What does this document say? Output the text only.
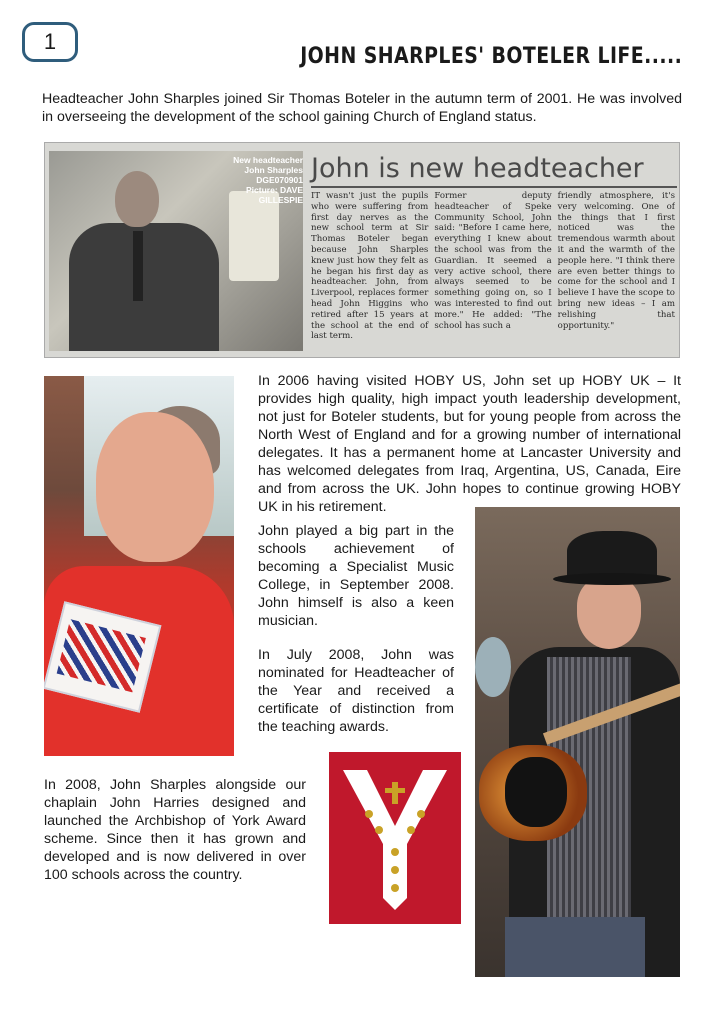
1
JOHN SHARPLES' BOTELER LIFE.....

Headteacher John Sharples joined Sir Thomas Boteler in the autumn term of 2001. He was involved in overseeing the development of the school gaining Church of England status.

New headteacher
John Sharples
DGE070901
Picture: DAVE
GILLESPIE
John is new headteacher
IT wasn't just the pupils who were suffering from first day nerves as the new school term at Sir Thomas Boteler began because John Sharples knew just how they felt as he began his first day as headteacher. John, from Liverpool, replaces former head John Higgins who retired after 15 years at the school at the end of last term.
Former deputy headteacher of Speke Community School, John said: "Before I came here, everything I knew about the school was from the Guardian. It seemed a very active school, there always seemed to be something going on, so I was interested to find out more." He added: "The school has such a
friendly atmosphere, it's very welcoming. One of the things that I first noticed was the tremendous warmth about it and the warmth of the people here. "I think there are even better things to come for the school and I believe I have the scope to bring new ideas – I am relishing that opportunity."

In 2006 having visited HOBY US, John set up HOBY UK – It provides high quality, high impact youth leadership development, not just for Boteler students, but for young people from across the North West of England and for a growing number of international delegates. It has a permanent home at Lancaster University and has welcomed delegates from Iraq, Argentina, US, Canada, Eire and from across the UK. John hopes to continue growing HOBY UK in his retirement.

John played a big part in the schools achievement of becoming a Specialist Music College, in September 2008. John himself is also a keen musician.

In July 2008, John was nominated for Headteacher of the Year and received a certificate of distinction from the teaching awards.

In 2008, John Sharples alongside our chaplain John Harries designed and launched the Archbishop of York Award scheme. Since then it has grown and developed and is now delivered in over 100 schools across the country.
